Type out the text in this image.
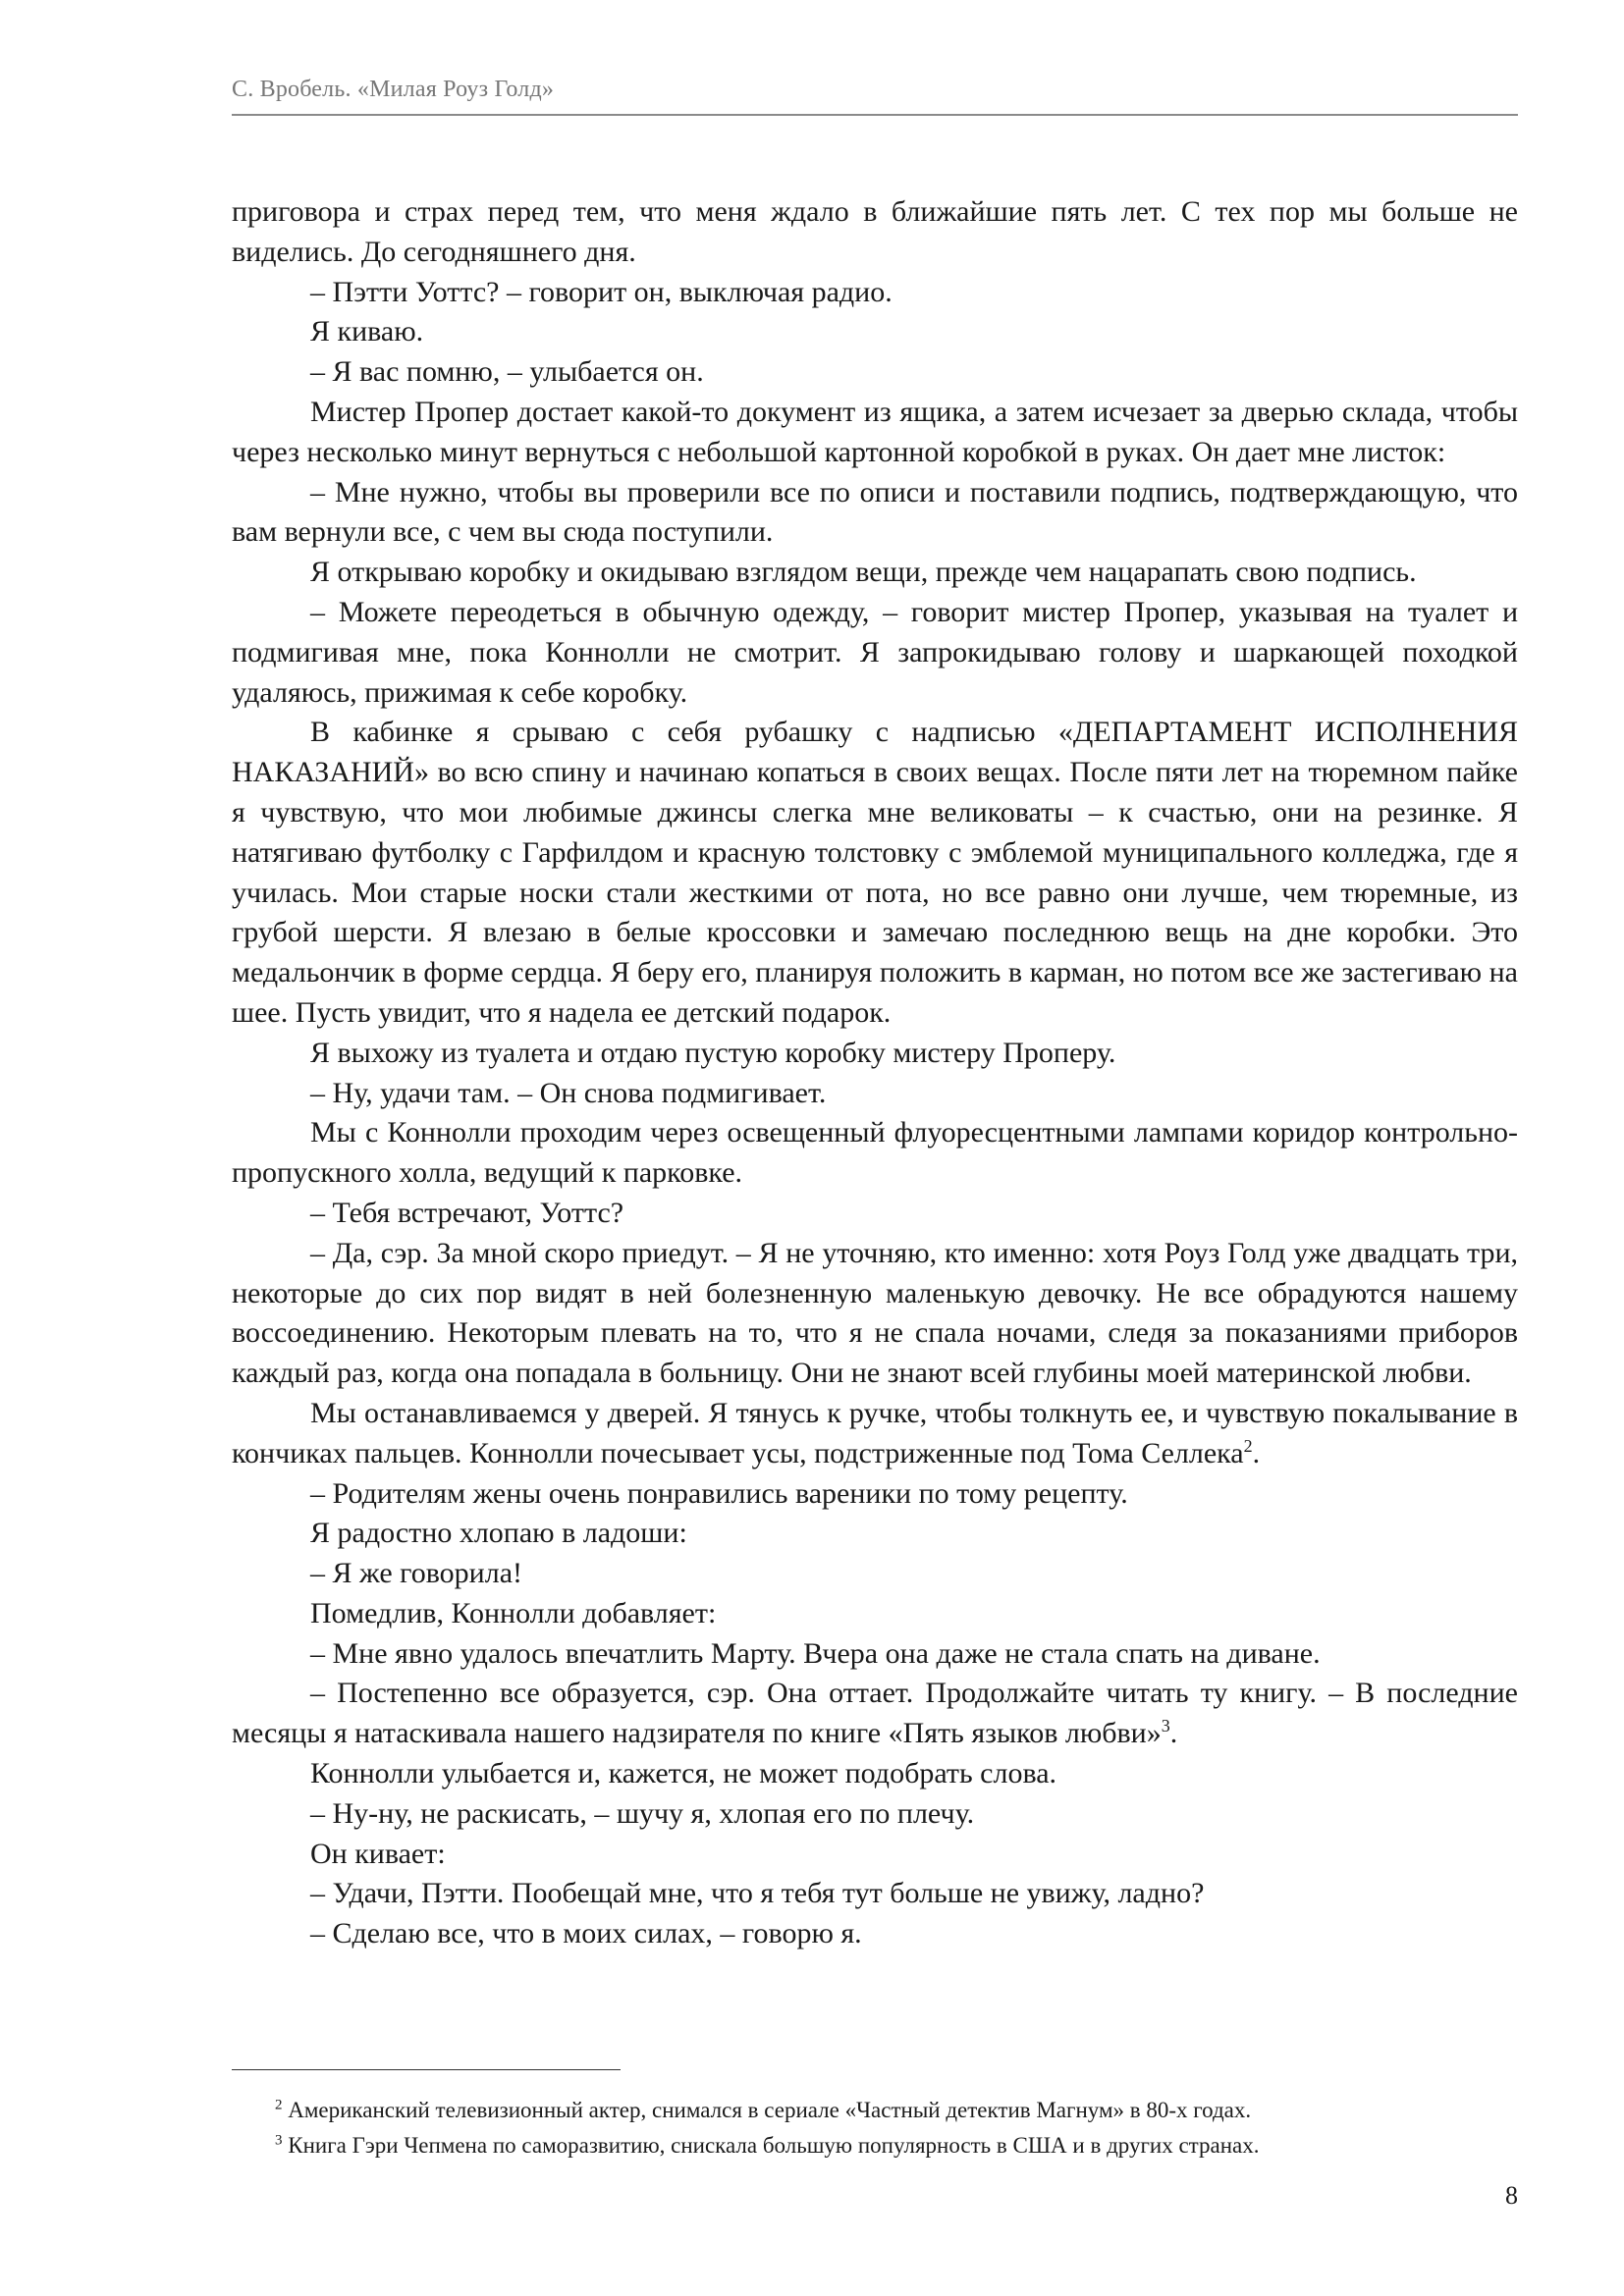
С. Вробель. «Милая Роуз Голд»

приговора и страх перед тем, что меня ждало в ближайшие пять лет. С тех пор мы больше не виделись. До сегодняшнего дня.

– Пэтти Уоттс? – говорит он, выключая радио.

Я киваю.

– Я вас помню, – улыбается он.

Мистер Пропер достает какой-то документ из ящика, а затем исчезает за дверью склада, чтобы через несколько минут вернуться с небольшой картонной коробкой в руках. Он дает мне листок:

– Мне нужно, чтобы вы проверили все по описи и поставили подпись, подтверждающую, что вам вернули все, с чем вы сюда поступили.

Я открываю коробку и окидываю взглядом вещи, прежде чем нацарапать свою подпись.

– Можете переодеться в обычную одежду, – говорит мистер Пропер, указывая на туалет и подмигивая мне, пока Коннолли не смотрит. Я запрокидываю голову и шаркающей походкой удаляюсь, прижимая к себе коробку.

В кабинке я срываю с себя рубашку с надписью «ДЕПАРТАМЕНТ ИСПОЛНЕНИЯ НАКАЗАНИЙ» во всю спину и начинаю копаться в своих вещах. После пяти лет на тюремном пайке я чувствую, что мои любимые джинсы слегка мне великоваты – к счастью, они на резинке. Я натягиваю футболку с Гарфилдом и красную толстовку с эмблемой муниципального колледжа, где я училась. Мои старые носки стали жесткими от пота, но все равно они лучше, чем тюремные, из грубой шерсти. Я влезаю в белые кроссовки и замечаю последнюю вещь на дне коробки. Это медальончик в форме сердца. Я беру его, планируя положить в карман, но потом все же застегиваю на шее. Пусть увидит, что я надела ее детский подарок.

Я выхожу из туалета и отдаю пустую коробку мистеру Проперу.

– Ну, удачи там. – Он снова подмигивает.

Мы с Коннолли проходим через освещенный флуоресцентными лампами коридор контрольно-пропускного холла, ведущий к парковке.

– Тебя встречают, Уоттс?

– Да, сэр. За мной скоро приедут. – Я не уточняю, кто именно: хотя Роуз Голд уже двадцать три, некоторые до сих пор видят в ней болезненную маленькую девочку. Не все обрадуются нашему воссоединению. Некоторым плевать на то, что я не спала ночами, следя за показаниями приборов каждый раз, когда она попадала в больницу. Они не знают всей глубины моей материнской любви.

Мы останавливаемся у дверей. Я тянусь к ручке, чтобы толкнуть ее, и чувствую покалывание в кончиках пальцев. Коннолли почесывает усы, подстриженные под Тома Селлека$^2$.

– Родителям жены очень понравились вареники по тому рецепту.

Я радостно хлопаю в ладоши:

– Я же говорила!

Помедлив, Коннолли добавляет:

– Мне явно удалось впечатлить Марту. Вчера она даже не стала спать на диване.

– Постепенно все образуется, сэр. Она оттает. Продолжайте читать ту книгу. – В последние месяцы я натаскивала нашего надзирателя по книге «Пять языков любви»$^3$.

Коннолли улыбается и, кажется, не может подобрать слова.

– Ну-ну, не раскисать, – шучу я, хлопая его по плечу.

Он кивает:

– Удачи, Пэтти. Пообещай мне, что я тебя тут больше не увижу, ладно?

– Сделаю все, что в моих силах, – говорю я.

$^2$ Американский телевизионный актер, снимался в сериале «Частный детектив Магнум» в 80-х годах.

$^3$ Книга Гэри Чепмена по саморазвитию, снискала большую популярность в США и в других странах.

8
